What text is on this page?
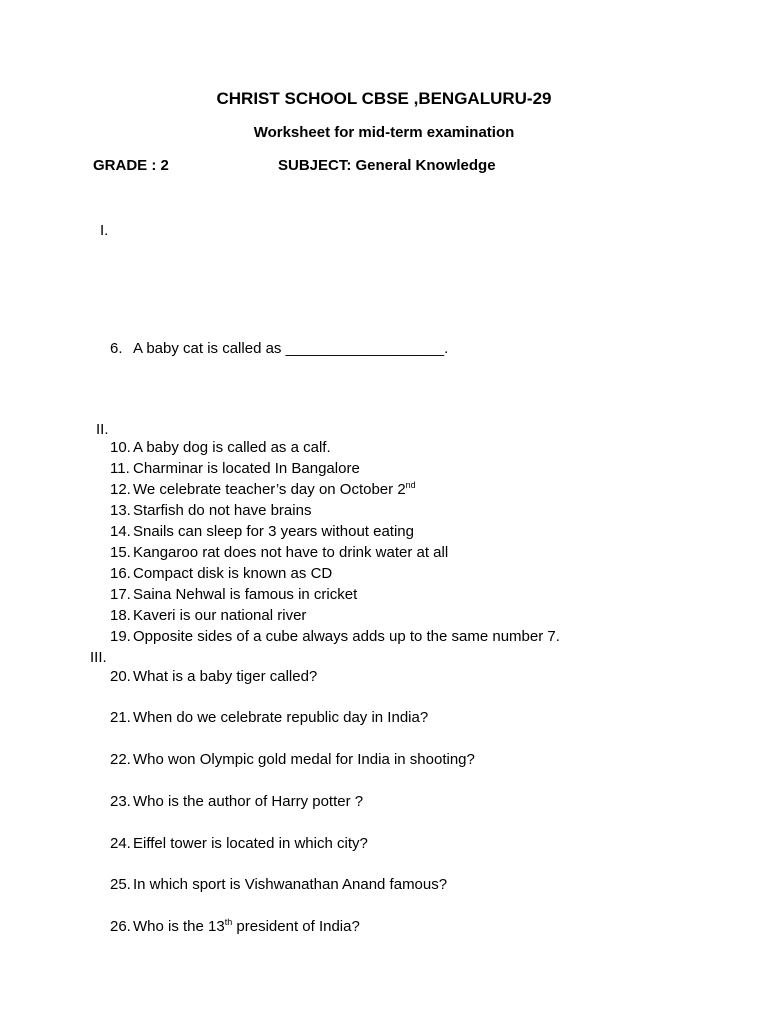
CHRIST SCHOOL CBSE ,BENGALURU-29
Worksheet for mid-term examination
GRADE : 2	SUBJECT: General Knowledge
I.
6. A baby cat is called as ___________________.
II.
10. A baby dog is called as a calf.
11. Charminar is located In Bangalore
12. We celebrate teacher’s day on October 2nd
13. Starfish do not have brains
14. Snails can sleep for 3 years without eating
15. Kangaroo rat does not have to drink water at all
16. Compact disk is known as CD
17. Saina Nehwal is famous in cricket
18. Kaveri is our national river
19. Opposite sides of a cube always adds up to the same number 7.
III.
20. What is a baby tiger called?
21. When do we celebrate republic day in India?
22. Who won Olympic gold medal for India in shooting?
23. Who is the author of Harry potter ?
24. Eiffel tower is located in which city?
25. In which sport is Vishwanathan Anand famous?
26. Who is the 13th president of India?
